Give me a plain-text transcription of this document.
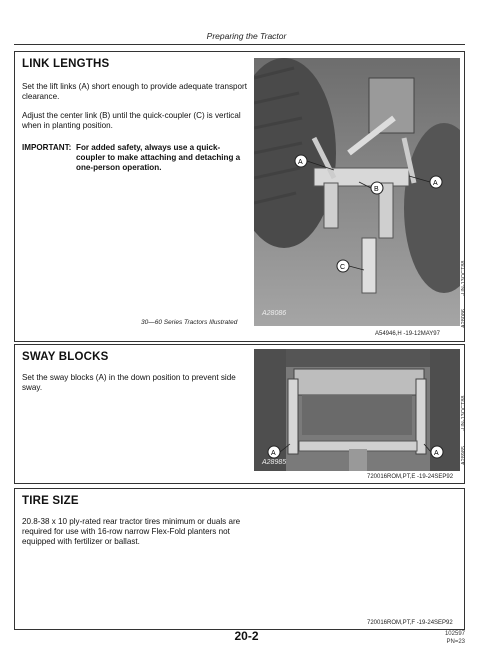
Preparing the Tractor
LINK LENGTHS

Set the lift links (A) short enough to provide adequate transport clearance.

Adjust the center link (B) until the quick-coupler (C) is vertical when in planting position.

IMPORTANT: For added safety, always use a quick-coupler to make attaching and detaching a one-person operation.
30—60 Series Tractors Illustrated
A
B
A
C
A28086
-UN-13OCT88
A28086
A54946,H -19-12MAY97
SWAY BLOCKS

Set the sway blocks (A) in the down position to prevent side sway.

A	A
A28985
-UN-13OCT88
A28985
720016ROM,PT,E -19-24SEP92
TIRE SIZE

20.8-38 x 10 ply-rated rear tractor tires minimum or duals are required for use with 16-row narrow Flex-Fold planters not equipped with fertilizer or ballast.

720016ROM,PT,F -19-24SEP92
20-2	102597
PN=23
